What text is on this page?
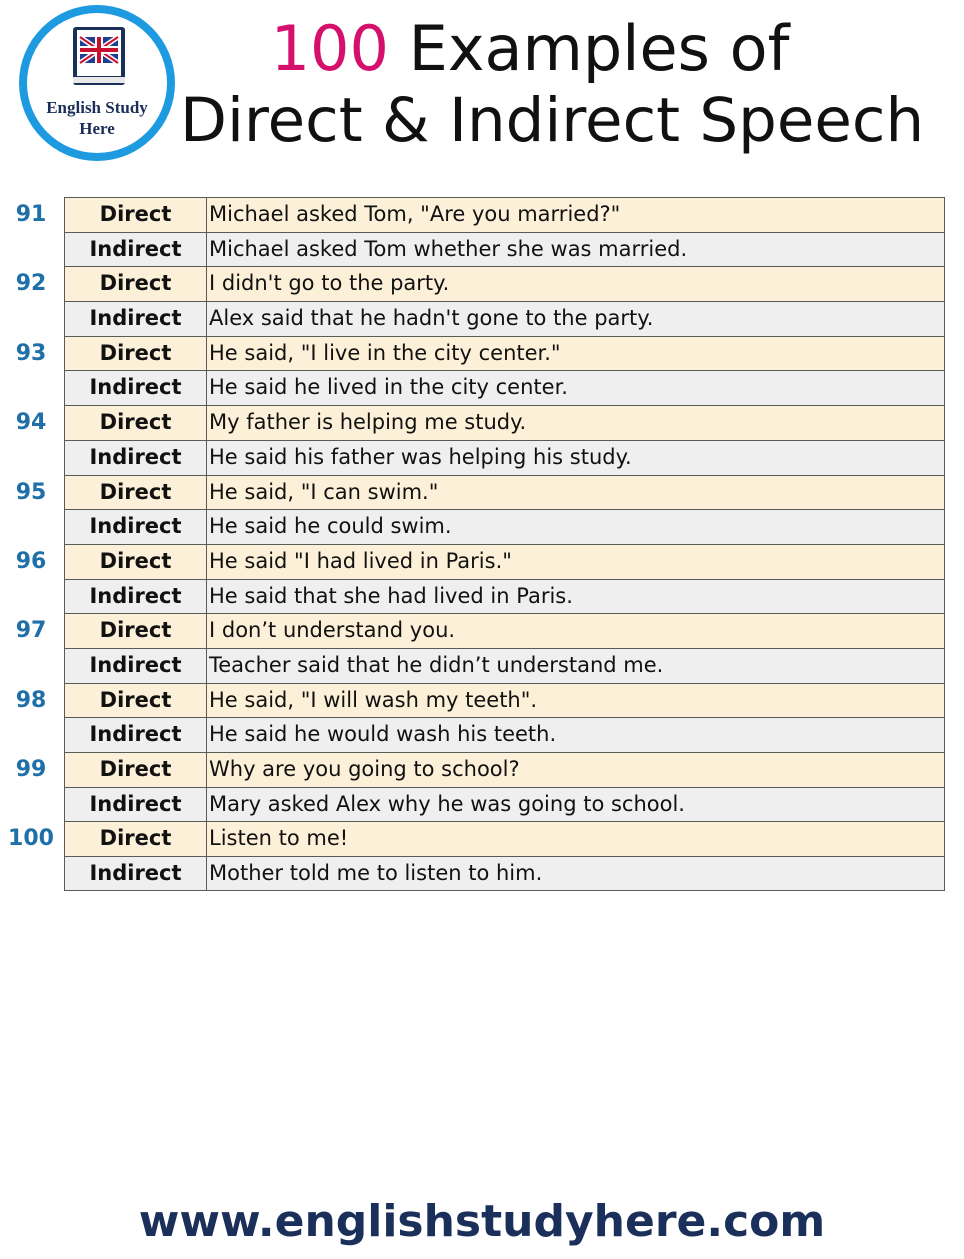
English Study
Here
100 Examples of
Direct & Indirect Speech
91	Direct	Michael asked Tom, "Are you married?"
Indirect	Michael asked Tom whether she was married.
92	Direct	I didn't go to the party.
Indirect	Alex said that he hadn't gone to the party.
93	Direct	He said, "I live in the city center."
Indirect	He said he lived in the city center.
94	Direct	My father is helping me study.
Indirect	He said his father was helping his study.
95	Direct	He said, "I can swim."
Indirect	He said he could swim.
96	Direct	He said "I had lived in Paris."
Indirect	He said that she had lived in Paris.
97	Direct	I don’t understand you.
Indirect	Teacher said that he didn’t understand me.
98	Direct	He said, "I will wash my teeth".
Indirect	He said he would wash his teeth.
99	Direct	Why are you going to school?
Indirect	Mary asked Alex why he was going to school.
100	Direct	Listen to me!
Indirect	Mother told me to listen to him.
www.englishstudyhere.com
